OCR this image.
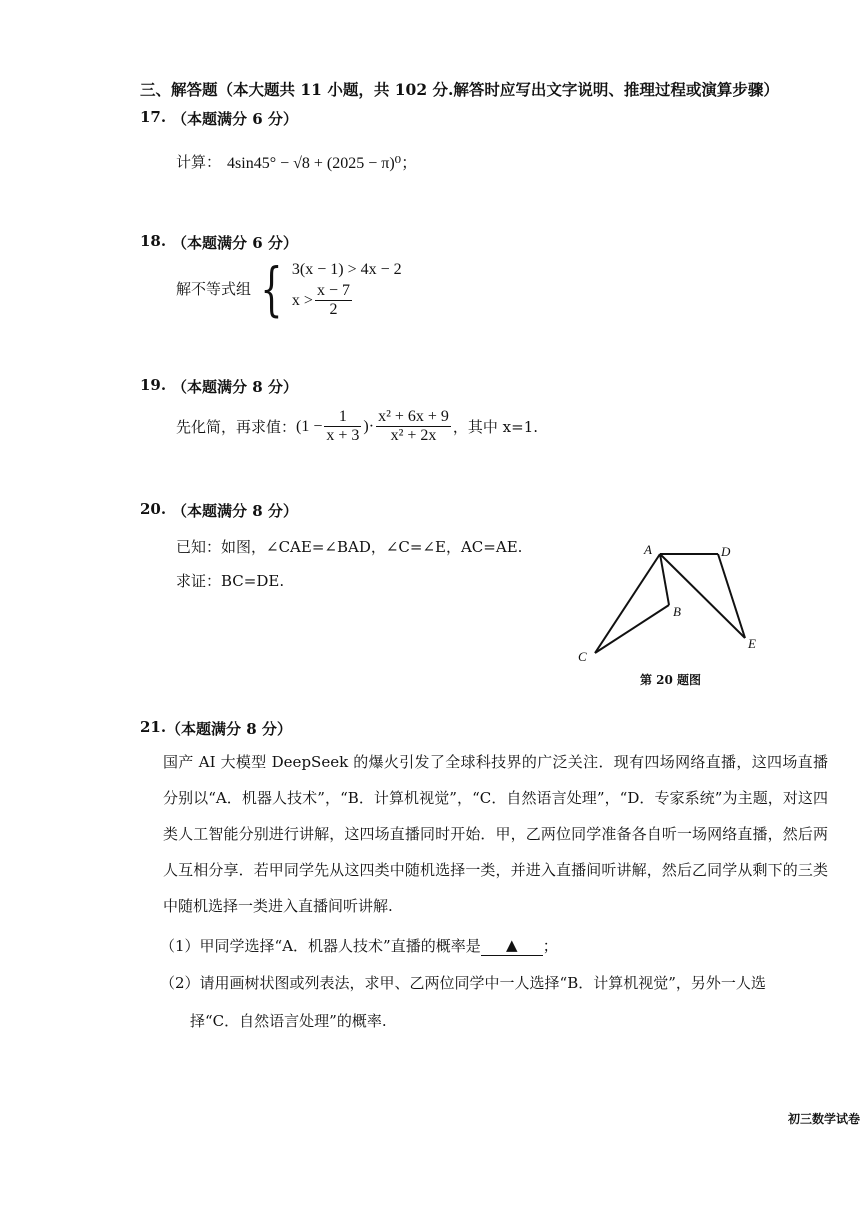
三、解答题（本大题共 11 小题，共 102 分.解答时应写出文字说明、推理过程或演算步骤）
17. （本题满分 6 分）
计算： 4sin45° − √8 + (2025 − π)⁰；
18. （本题满分 6 分）
解不等式组 { 3(x − 1) > 4x − 2
$x > \frac{x - 7}{2}$
19. （本题满分 8 分）
先化简，再求值： ($1 - \frac{1}{x + 3}$ )· $\frac{\text{x² + 6x + 9}}{\text{x² + 2x}}$ ，其中 x=1.
20. （本题满分 8 分）
已知：如图，∠CAE=∠BAD，∠C=∠E，AC=AE.
求证：BC=DE.
A	D
B
E
C
第 20 题图
21. （本题满分 8 分）
国产 AI 大模型 DeepSeek 的爆火引发了全球科技界的广泛关注．现有四场网络直播，这四场直播分别以“A．机器人技术”，“B．计算机视觉”，“C．自然语言处理”，“D．专家系统”为主题，对这四类人工智能分别进行讲解，这四场直播同时开始．甲，乙两位同学准备各自听一场网络直播，然后两人互相分享．若甲同学先从这四类中随机选择一类，并进入直播间听讲解，然后乙同学从剩下的三类中随机选择一类进入直播间听讲解.
（1）甲同学选择“A．机器人技术”直播的概率是	▲	；
（2）请用画树状图或列表法，求甲、乙两位同学中一人选择“B．计算机视觉”，另外一人选
择“C．自然语言处理”的概率.
初三数学试卷
